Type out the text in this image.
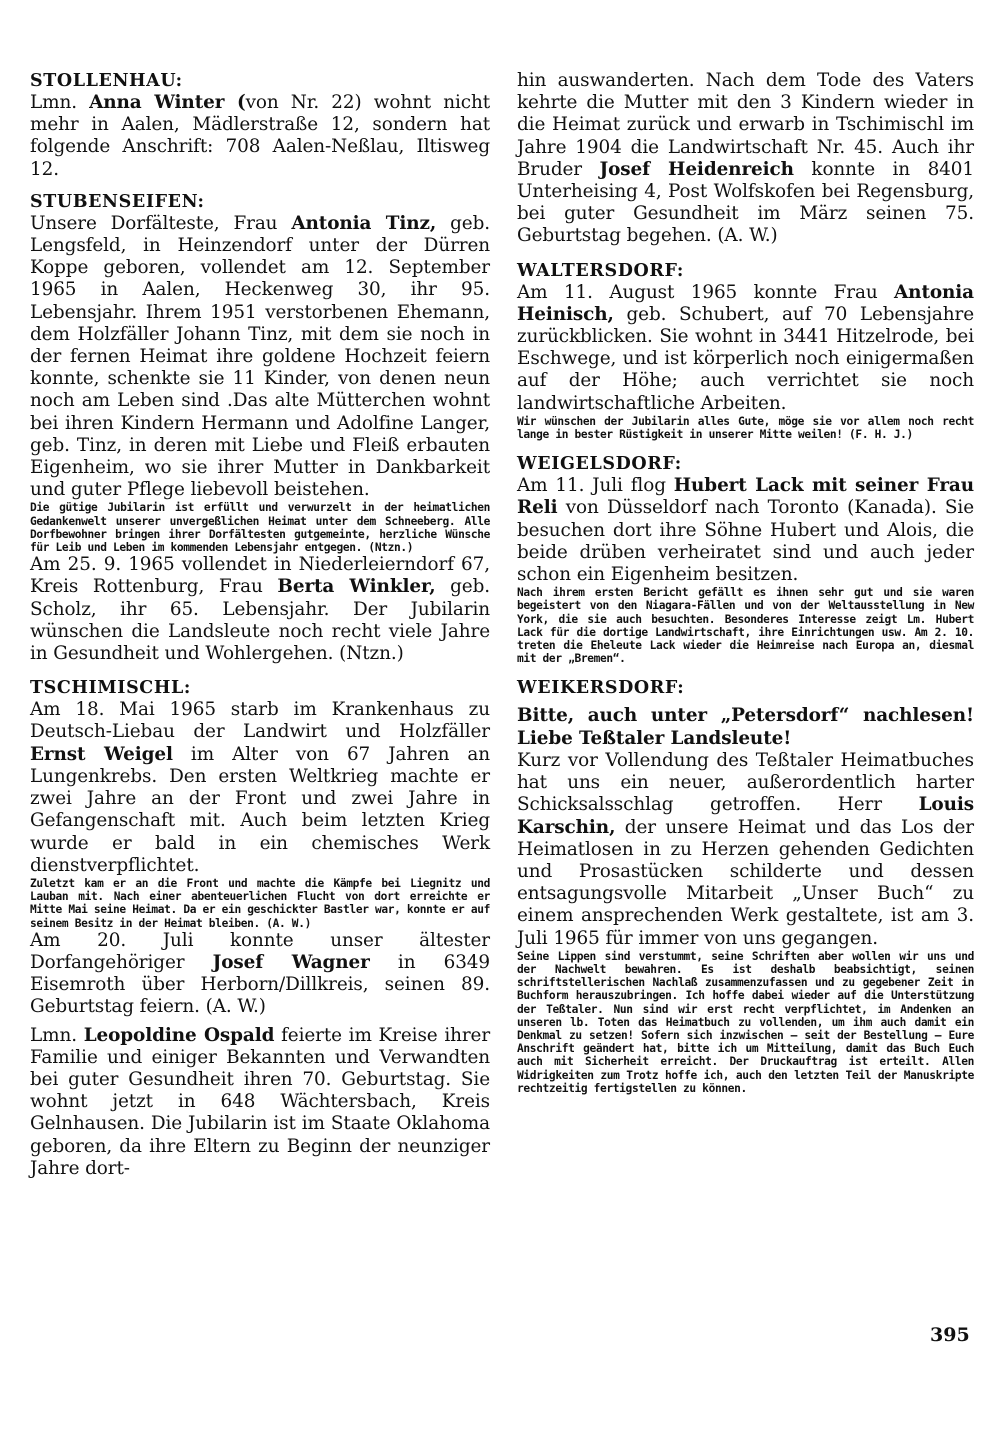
STOLLENHAU:

Lmn. Anna Winter (von Nr. 22) wohnt nicht mehr in Aalen, Mädlerstraße 12, sondern hat folgende Anschrift: 708 Aalen-Neßlau, Iltisweg 12.

STUBENSEIFEN:

Unsere Dorfälteste, Frau Antonia Tinz, geb. Lengsfeld, in Heinzendorf unter der Dürren Koppe geboren, vollendet am 12. September 1965 in Aalen, Heckenweg 30, ihr 95. Lebensjahr. Ihrem 1951 verstorbenen Ehemann, dem Holzfäller Johann Tinz, mit dem sie noch in der fernen Heimat ihre goldene Hochzeit feiern konnte, schenkte sie 11 Kinder, von denen neun noch am Leben sind .Das alte Mütterchen wohnt bei ihren Kindern Hermann und Adolfine Langer, geb. Tinz, in deren mit Liebe und Fleiß erbauten Eigenheim, wo sie ihrer Mutter in Dankbarkeit und guter Pflege liebevoll beistehen.

Die gütige Jubilarin ist erfüllt und verwurzelt in der heimatlichen Gedankenwelt unserer unvergeßlichen Heimat unter dem Schneeberg. Alle Dorfbewohner bringen ihrer Dorfältesten gutgemeinte, herzliche Wünsche für Leib und Leben im kommenden Lebensjahr entgegen. (Ntzn.)

Am 25. 9. 1965 vollendet in Niederleierndorf 67, Kreis Rottenburg, Frau Berta Winkler, geb. Scholz, ihr 65. Lebensjahr. Der Jubilarin wünschen die Landsleute noch recht viele Jahre in Gesundheit und Wohlergehen. (Ntzn.)

TSCHIMISCHL:

Am 18. Mai 1965 starb im Krankenhaus zu Deutsch-Liebau der Landwirt und Holzfäller Ernst Weigel im Alter von 67 Jahren an Lungenkrebs. Den ersten Weltkrieg machte er zwei Jahre an der Front und zwei Jahre in Gefangenschaft mit. Auch beim letzten Krieg wurde er bald in ein chemisches Werk dienstverpflichtet.

Zuletzt kam er an die Front und machte die Kämpfe bei Liegnitz und Lauban mit. Nach einer abenteuerlichen Flucht von dort erreichte er Mitte Mai seine Heimat. Da er ein geschickter Bastler war, konnte er auf seinem Besitz in der Heimat bleiben. (A. W.)

Am 20. Juli konnte unser ältester Dorfangehöriger Josef Wagner in 6349 Eisemroth über Herborn/Dillkreis, seinen 89. Geburtstag feiern. (A. W.)

Lmn. Leopoldine Ospald feierte im Kreise ihrer Familie und einiger Bekannten und Verwandten bei guter Gesundheit ihren 70. Geburtstag. Sie wohnt jetzt in 648 Wächtersbach, Kreis Gelnhausen. Die Jubilarin ist im Staate Oklahoma geboren, da ihre Eltern zu Beginn der neunziger Jahre dort-

hin auswanderten. Nach dem Tode des Vaters kehrte die Mutter mit den 3 Kindern wieder in die Heimat zurück und erwarb in Tschimischl im Jahre 1904 die Landwirtschaft Nr. 45. Auch ihr Bruder Josef Heidenreich konnte in 8401 Unterheising 4, Post Wolfskofen bei Regensburg, bei guter Gesundheit im März seinen 75. Geburtstag begehen. (A. W.)

WALTERSDORF:

Am 11. August 1965 konnte Frau Antonia Heinisch, geb. Schubert, auf 70 Lebensjahre zurückblicken. Sie wohnt in 3441 Hitzelrode, bei Eschwege, und ist körperlich noch einigermaßen auf der Höhe; auch verrichtet sie noch landwirtschaftliche Arbeiten.

Wir wünschen der Jubilarin alles Gute, möge sie vor allem noch recht lange in bester Rüstigkeit in unserer Mitte weilen! (F. H. J.)

WEIGELSDORF:

Am 11. Juli flog Hubert Lack mit seiner Frau Reli von Düsseldorf nach Toronto (Kanada). Sie besuchen dort ihre Söhne Hubert und Alois, die beide drüben verheiratet sind und auch jeder schon ein Eigenheim besitzen.

Nach ihrem ersten Bericht gefällt es ihnen sehr gut und sie waren begeistert von den Niagara-Fällen und von der Weltausstellung in New York, die sie auch besuchten. Besonderes Interesse zeigt Lm. Hubert Lack für die dortige Landwirtschaft, ihre Einrichtungen usw. Am 2. 10. treten die Eheleute Lack wieder die Heimreise nach Europa an, diesmal mit der „Bremen“.

WEIKERSDORF:

Bitte, auch unter „Petersdorf“ nachlesen! Liebe Teßtaler Landsleute!

Kurz vor Vollendung des Teßtaler Heimatbuches hat uns ein neuer, außerordentlich harter Schicksalsschlag getroffen. Herr Louis Karschin, der unsere Heimat und das Los der Heimatlosen in zu Herzen gehenden Gedichten und Prosastücken schilderte und dessen entsagungsvolle Mitarbeit „Unser Buch“ zu einem ansprechenden Werk gestaltete, ist am 3. Juli 1965 für immer von uns gegangen.

Seine Lippen sind verstummt, seine Schriften aber wollen wir uns und der Nachwelt bewahren. Es ist deshalb beabsichtigt, seinen schriftstellerischen Nachlaß zusammenzufassen und zu gegebener Zeit in Buchform herauszubringen. Ich hoffe dabei wieder auf die Unterstützung der Teßtaler. Nun sind wir erst recht verpflichtet, im Andenken an unseren lb. Toten das Heimatbuch zu vollenden, um ihm auch damit ein Denkmal zu setzen! Sofern sich inzwischen — seit der Bestellung — Eure Anschrift geändert hat, bitte ich um Mitteilung, damit das Buch Euch auch mit Sicherheit erreicht. Der Druckauftrag ist erteilt. Allen Widrigkeiten zum Trotz hoffe ich, auch den letzten Teil der Manuskripte rechtzeitig fertigstellen zu können.

395
